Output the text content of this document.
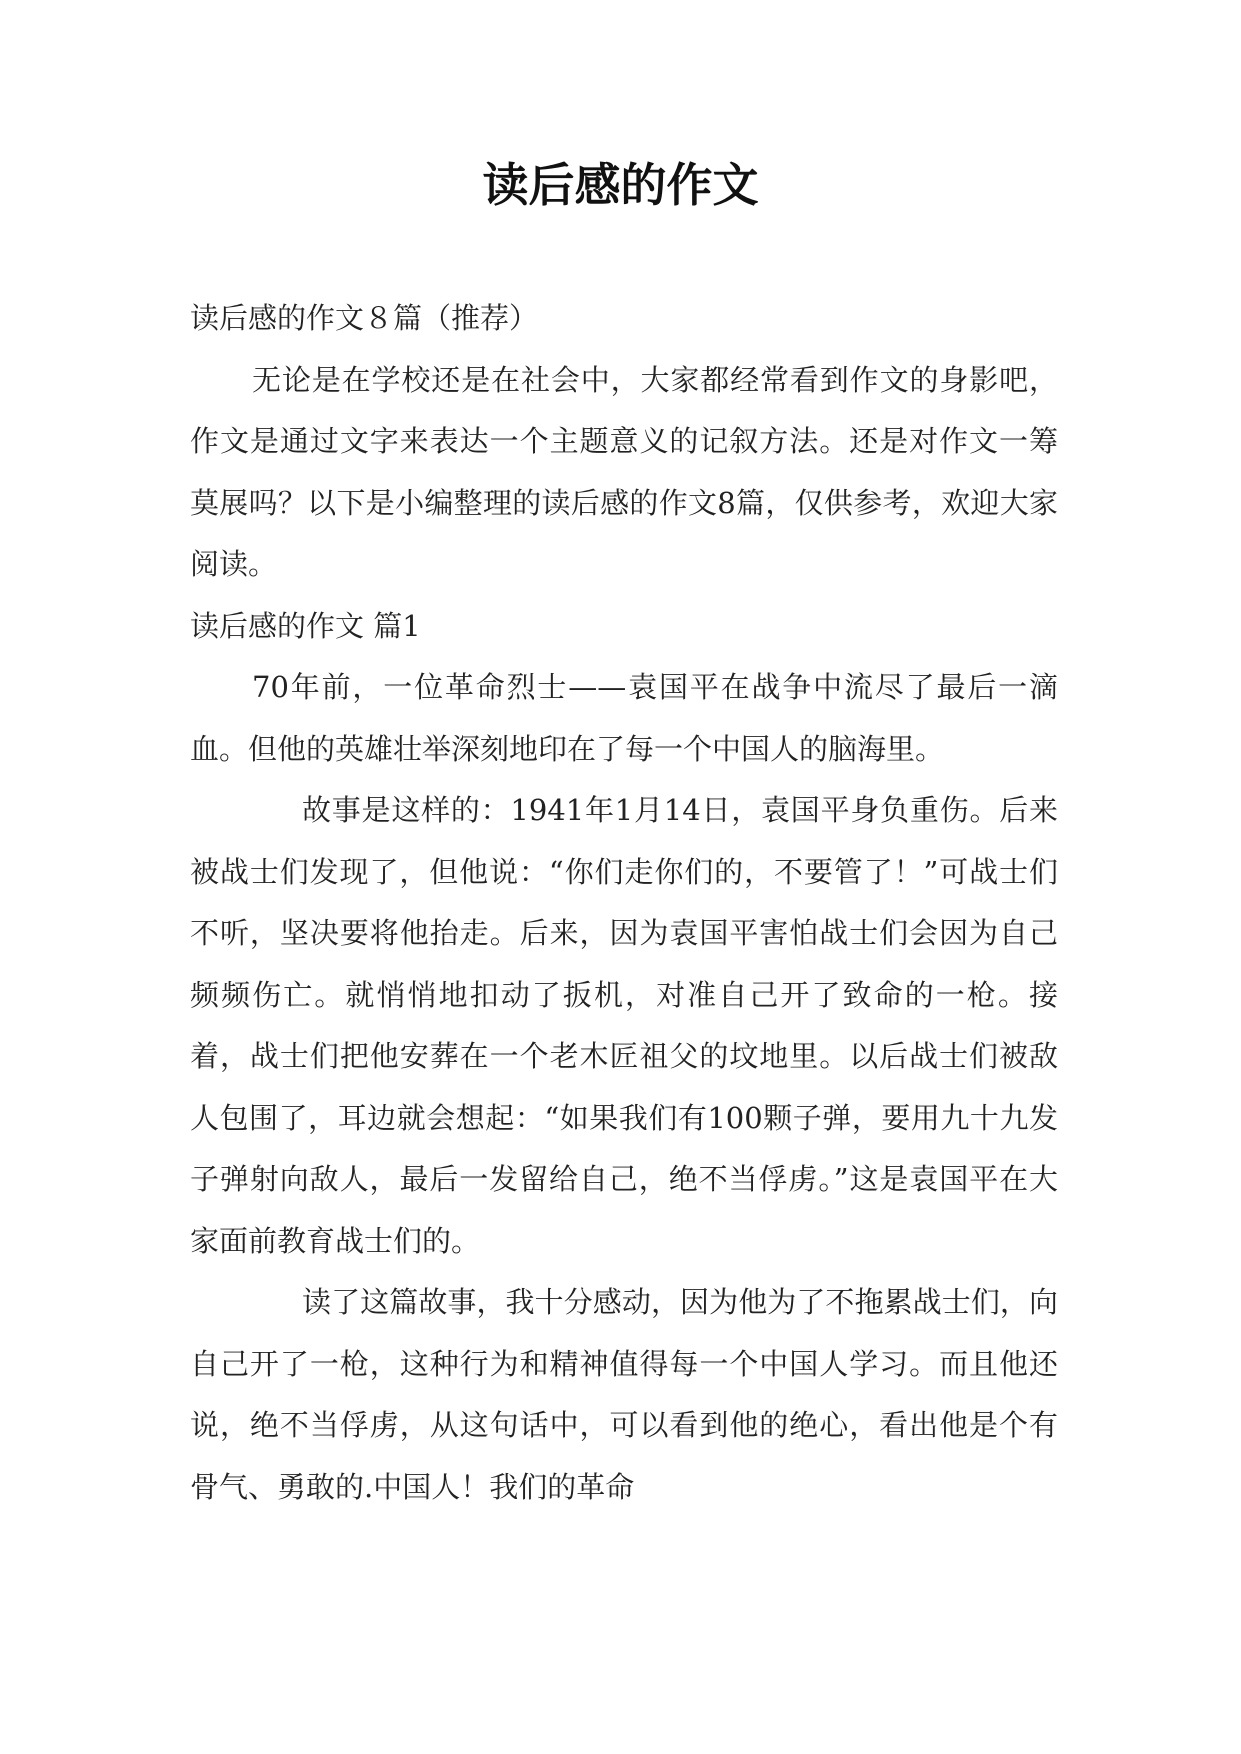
读后感的作文

读后感的作文８篇（推荐）

无论是在学校还是在社会中，大家都经常看到作文的身影吧，作文是通过文字来表达一个主题意义的记叙方法。还是对作文一筹莫展吗？以下是小编整理的读后感的作文8篇，仅供参考，欢迎大家阅读。

读后感的作文 篇1

70年前，一位革命烈士——袁国平在战争中流尽了最后一滴血。但他的英雄壮举深刻地印在了每一个中国人的脑海里。

故事是这样的：1941年1月14日，袁国平身负重伤。后来被战士们发现了，但他说：“你们走你们的，不要管了！”可战士们不听，坚决要将他抬走。后来，因为袁国平害怕战士们会因为自己频频伤亡。就悄悄地扣动了扳机，对准自己开了致命的一枪。接着，战士们把他安葬在一个老木匠祖父的坟地里。以后战士们被敌人包围了，耳边就会想起：“如果我们有100颗子弹，要用九十九发子弹射向敌人，最后一发留给自己，绝不当俘虏。”这是袁国平在大家面前教育战士们的。

读了这篇故事，我十分感动，因为他为了不拖累战士们，向自己开了一枪，这种行为和精神值得每一个中国人学习。而且他还说，绝不当俘虏，从这句话中，可以看到他的绝心，看出他是个有骨气、勇敢的.中国人！我们的革命
